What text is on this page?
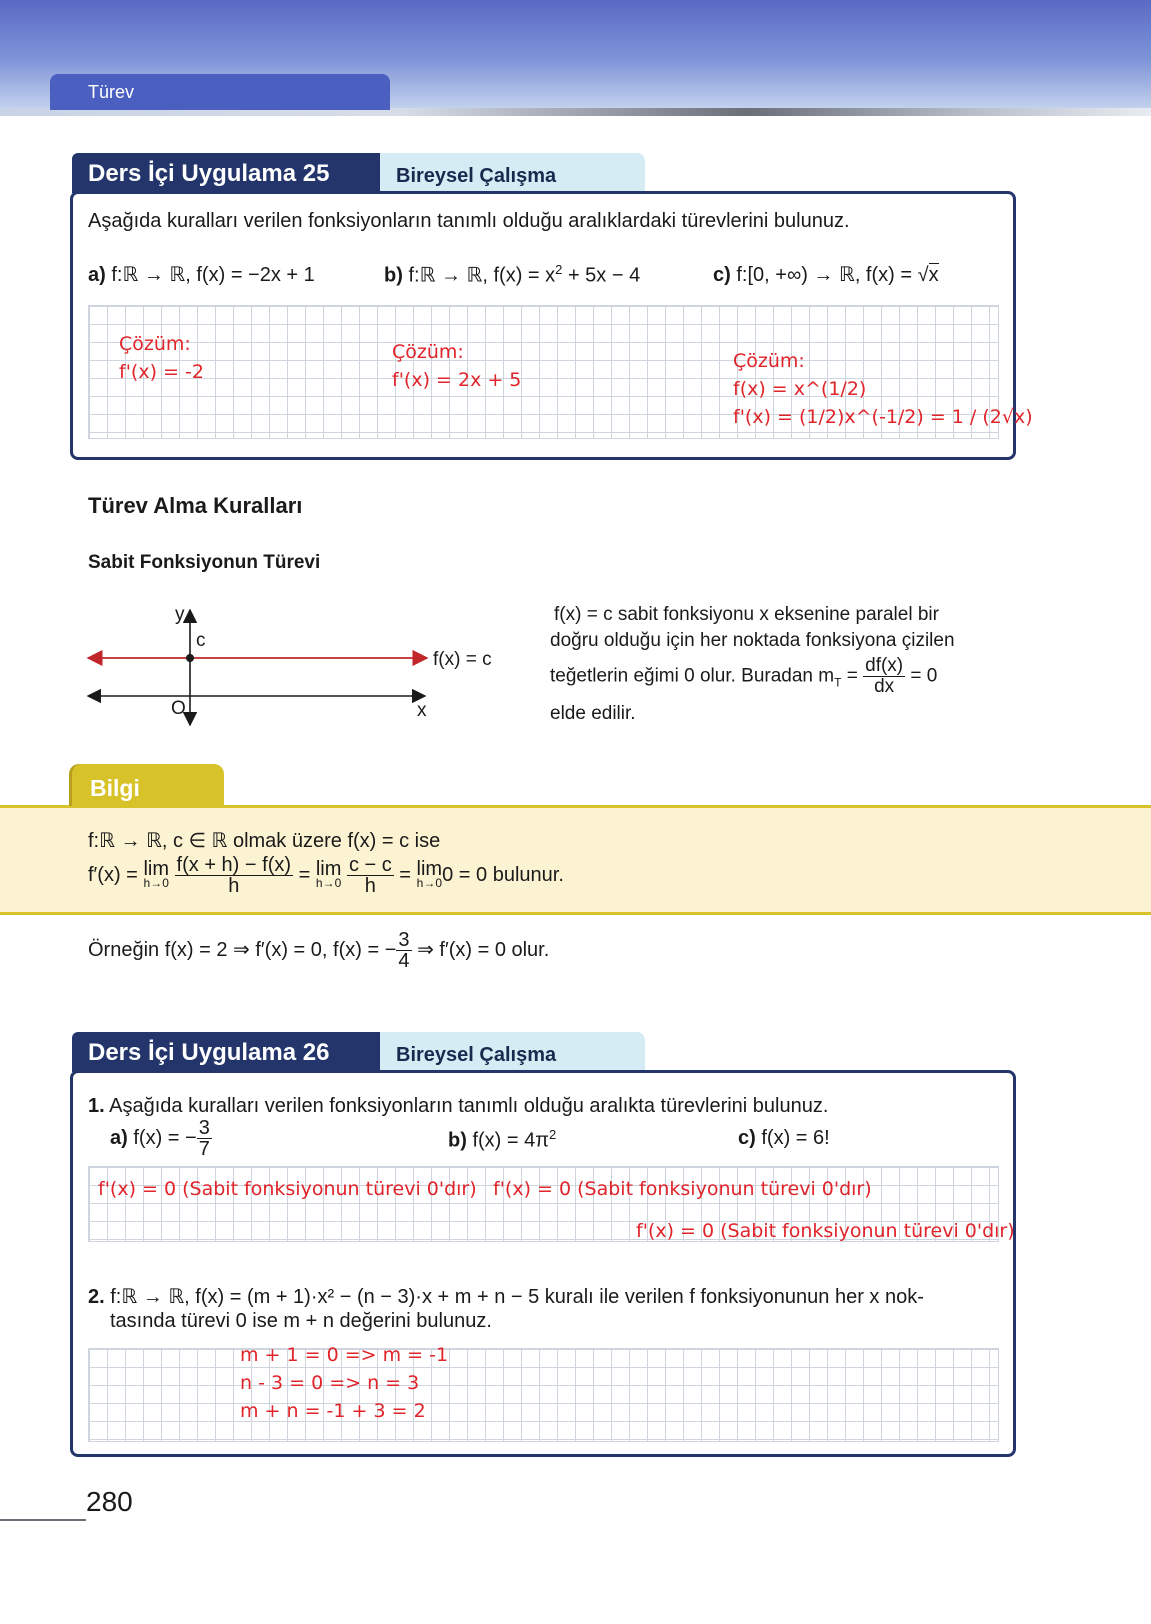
Türev
Ders İçi Uygulama 25	Bireysel Çalışma
Aşağıda kuralları verilen fonksiyonların tanımlı olduğu aralıklardaki türevlerini bulunuz.
a) f:ℝ → ℝ, f(x) = −2x + 1	b) f:ℝ → ℝ, $f(x) = x^2 + 5x - 4$	c) f:[0, +∞) → ℝ, f(x) = √x
Çözüm:
f'(x) = -2
Çözüm:
f'(x) = 2x + 5
Çözüm:
f(x) = x^(1/2)
f'(x) = (1/2)x^(-1/2) = 1 / (2√x)
Türev Alma Kuralları
Sabit Fonksiyonun Türevi
y
c
O	x
f(x) = c
f(x) = c sabit fonksiyonu x eksenine paralel bir
doğru olduğu için her noktada fonksiyona çizilen
teğetlerin eğimi 0 olur. Buradan $m_T = \frac{df(x)}{dx} = 0$
elde edilir.
Bilgi
f:ℝ → ℝ, c ∈ ℝ olmak üzere f(x) = c ise
f′(x) = lim
h→0
$\frac{f(x + h) - f(x)}{h} = \lim$
h→0
$\frac{c - c}{h} = \lim$
h→0 0 = 0 bulunur.
Örneğin f(x) = 2 ⇒ f′(x) = 0, f(x) = − $\frac{3}{4}$ ⇒ f′(x) = 0 olur.
Ders İçi Uygulama 26	Bireysel Çalışma
1. Aşağıda kuralları verilen fonksiyonların tanımlı olduğu aralıkta türevlerini bulunuz.
a) f(x) = − $\frac{3}{7}$	b) $f(x) = 4\pi^2$	c) f(x) = 6!
f'(x) = 0 (Sabit fonksiyonun türevi 0'dır) f'(x) = 0 (Sabit fonksiyonun türevi 0'dır)
f'(x) = 0 (Sabit fonksiyonun türevi 0'dır)
2. f:ℝ → ℝ, f(x) = (m + 1)·x² − (n − 3)·x + m + n − 5 kuralı ile verilen f fonksiyonunun her x nok-
tasında türevi 0 ise m + n değerini bulunuz.
m + 1 = 0 => m = -1
n - 3 = 0 => n = 3
m + n = -1 + 3 = 2
280
